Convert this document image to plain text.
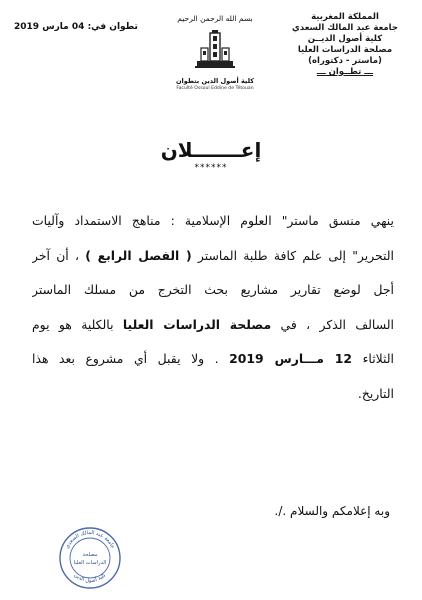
المملكة المغربية
جامعة عبد المالك السعدي
كلية أصول الديــن
مصلحة الدراسات العليا
(ماستر - دكتوراه)
ـــ تطــوان ـــ
تطوان في: 04 مارس 2019
بسم الله الرحمن الرحيم
كلية أصول الدين بتطوان
Faculté Ossoul Eddine de Tétouan
إعـــــــلان
******
ينهي منسق ماستر" العلوم الإسلامية : مناهج الاستمداد وآليات
التحرير" إلى علم كافة طلبة الماستر ( الفصل الرابع ) ، أن آخر
أجل لوضع تقارير مشاريع بحث التخرج من مسلك الماستر
السالف الذكر ، في مصلحة الدراسات العليا بالكلية هو يوم
الثلاثاء 12 مـــارس 2019 . ولا يقبل أي مشروع بعد هذا
التاريخ.
وبه إعلامكم والسلام ./.
جامعة عبد المالك السعدي
كلية أصول الدين
مصلحة
الدراسات العليا
